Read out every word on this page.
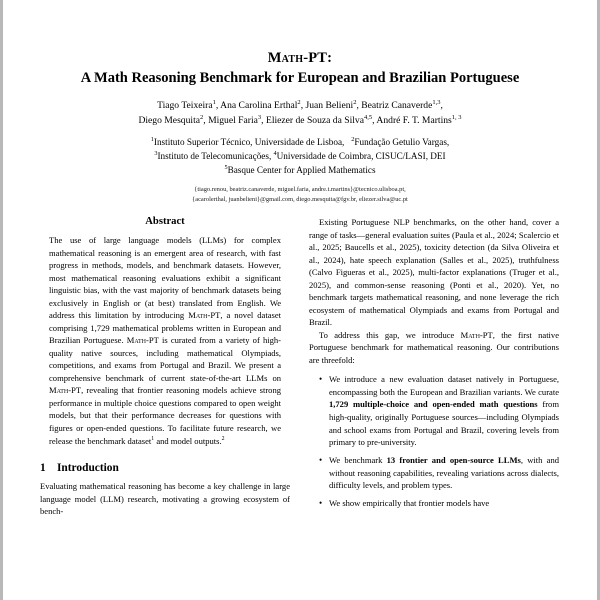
Math-PT:
A Math Reasoning Benchmark for European and Brazilian Portuguese
Tiago Teixeira$^1$, Ana Carolina Erthal$^2$, Juan Belieni$^2$, Beatriz Canaverde$^{1,3}$,
Diego Mesquita$^2$, Miguel Faria$^3$, Eliezer de Souza da Silva$^{4,5}$, André F. T. Martins$^{1, 3}$
$^1$Instituto Superior Técnico, Universidade de Lisboa,   $^2$Fundação Getulio Vargas,
$^3$Instituto de Telecomunicações, $^4$Universidade de Coimbra, CISUC/LASI, DEI
$^5$Basque Center for Applied Mathematics
{tiago.renou, beatriz.canaverde, miguel.faria, andre.t.martins}@tecnico.ulisboa.pt,
{acarolerthal, juanbelieni}@gmail.com, diego.mesquita@fgv.br, eliezer.silva@uc.pt
Abstract

The use of large language models (LLMs) for complex mathematical reasoning is an emergent area of research, with fast progress in methods, models, and benchmark datasets. However, most mathematical reasoning evaluations exhibit a significant linguistic bias, with the vast majority of benchmark datasets being exclusively in English or (at best) translated from English. We address this limitation by introducing Math-PT, a novel dataset comprising 1,729 mathematical problems written in European and Brazilian Portuguese. Math-PT is curated from a variety of high-quality native sources, including mathematical Olympiads, competitions, and exams from Portugal and Brazil. We present a comprehensive benchmark of current state-of-the-art LLMs on Math-PT, revealing that frontier reasoning models achieve strong performance in multiple choice questions compared to open weight models, but that their performance decreases for questions with figures or open-ended questions. To facilitate future research, we release the benchmark dataset$^1$ and model outputs.$^2$

1 Introduction

Evaluating mathematical reasoning has become a key challenge in large language model (LLM) research, motivating a growing ecosystem of bench-

Existing Portuguese NLP benchmarks, on the other hand, cover a range of tasks—general evaluation suites (Paula et al., 2024; Scalercio et al., 2025; Baucells et al., 2025), toxicity detection (da Silva Oliveira et al., 2024), hate speech explanation (Salles et al., 2025), truthfulness (Calvo Figueras et al., 2025), multi-factor explanations (Truger et al., 2025), and common-sense reasoning (Ponti et al., 2020). Yet, no benchmark targets mathematical reasoning, and none leverage the rich ecosystem of mathematical Olympiads and exams from Portugal and Brazil.

To address this gap, we introduce Math-PT, the first native Portuguese benchmark for mathematical reasoning. Our contributions are threefold:

• We introduce a new evaluation dataset natively in Portuguese, encompassing both the European and Brazilian variants. We curate 1,729 multiple-choice and open-ended math questions from high-quality, originally Portuguese sources—including Olympiads and school exams from Portugal and Brazil, covering levels from primary to pre-university.
• We benchmark 13 frontier and open-source LLMs, with and without reasoning capabilities, revealing variations across dialects, difficulty levels, and problem types.
• We show empirically that frontier models have
